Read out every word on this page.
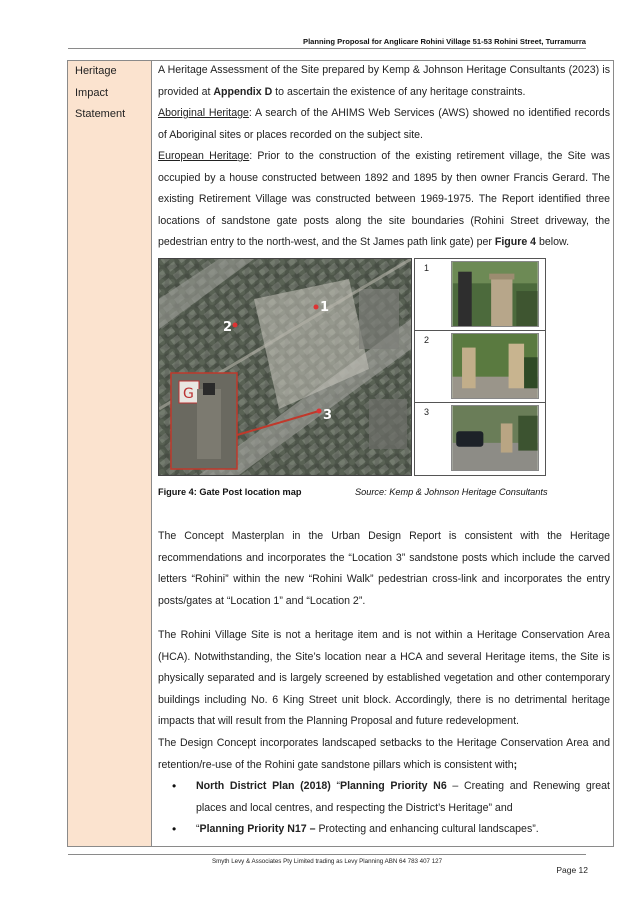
Planning Proposal for Anglicare Rohini Village 51-53 Rohini Street, Turramurra
Heritage
Impact
Statement

A Heritage Assessment of the Site prepared by Kemp & Johnson Heritage Consultants (2023) is provided at Appendix D to ascertain the existence of any heritage constraints.

Aboriginal Heritage: A search of the AHIMS Web Services (AWS) showed no identified records of Aboriginal sites or places recorded on the subject site.

European Heritage: Prior to the construction of the existing retirement village, the Site was occupied by a house constructed between 1892 and 1895 by then owner Francis Gerard. The existing Retirement Village was constructed between 1969-1975. The Report identified three locations of sandstone gate posts along the site boundaries (Rohini Street driveway, the pedestrian entry to the north-west, and the St James path link gate) per Figure 4 below.

G
1
2
3
1
2
3
Figure 4: Gate Post location map	Source: Kemp & Johnson Heritage Consultants

The Concept Masterplan in the Urban Design Report is consistent with the Heritage recommendations and incorporates the “Location 3” sandstone posts which include the carved letters “Rohini” within the new “Rohini Walk” pedestrian cross-link and incorporates the entry posts/gates at “Location 1” and “Location 2”.

The Rohini Village Site is not a heritage item and is not within a Heritage Conservation Area (HCA). Notwithstanding, the Site’s location near a HCA and several Heritage items, the Site is physically separated and is largely screened by established vegetation and other contemporary buildings including No. 6 King Street unit block. Accordingly, there is no detrimental heritage impacts that will result from the Planning Proposal and future redevelopment.

The Design Concept incorporates landscaped setbacks to the Heritage Conservation Area and retention/re-use of the Rohini gate sandstone pillars which is consistent with;

• North District Plan (2018) “Planning Priority N6 – Creating and Renewing great places and local centres, and respecting the District’s Heritage” and

• “Planning Priority N17 – Protecting and enhancing cultural landscapes”.

Smyth Levy & Associates Pty Limited trading as Levy Planning ABN 64 783 407 127
Page 12
